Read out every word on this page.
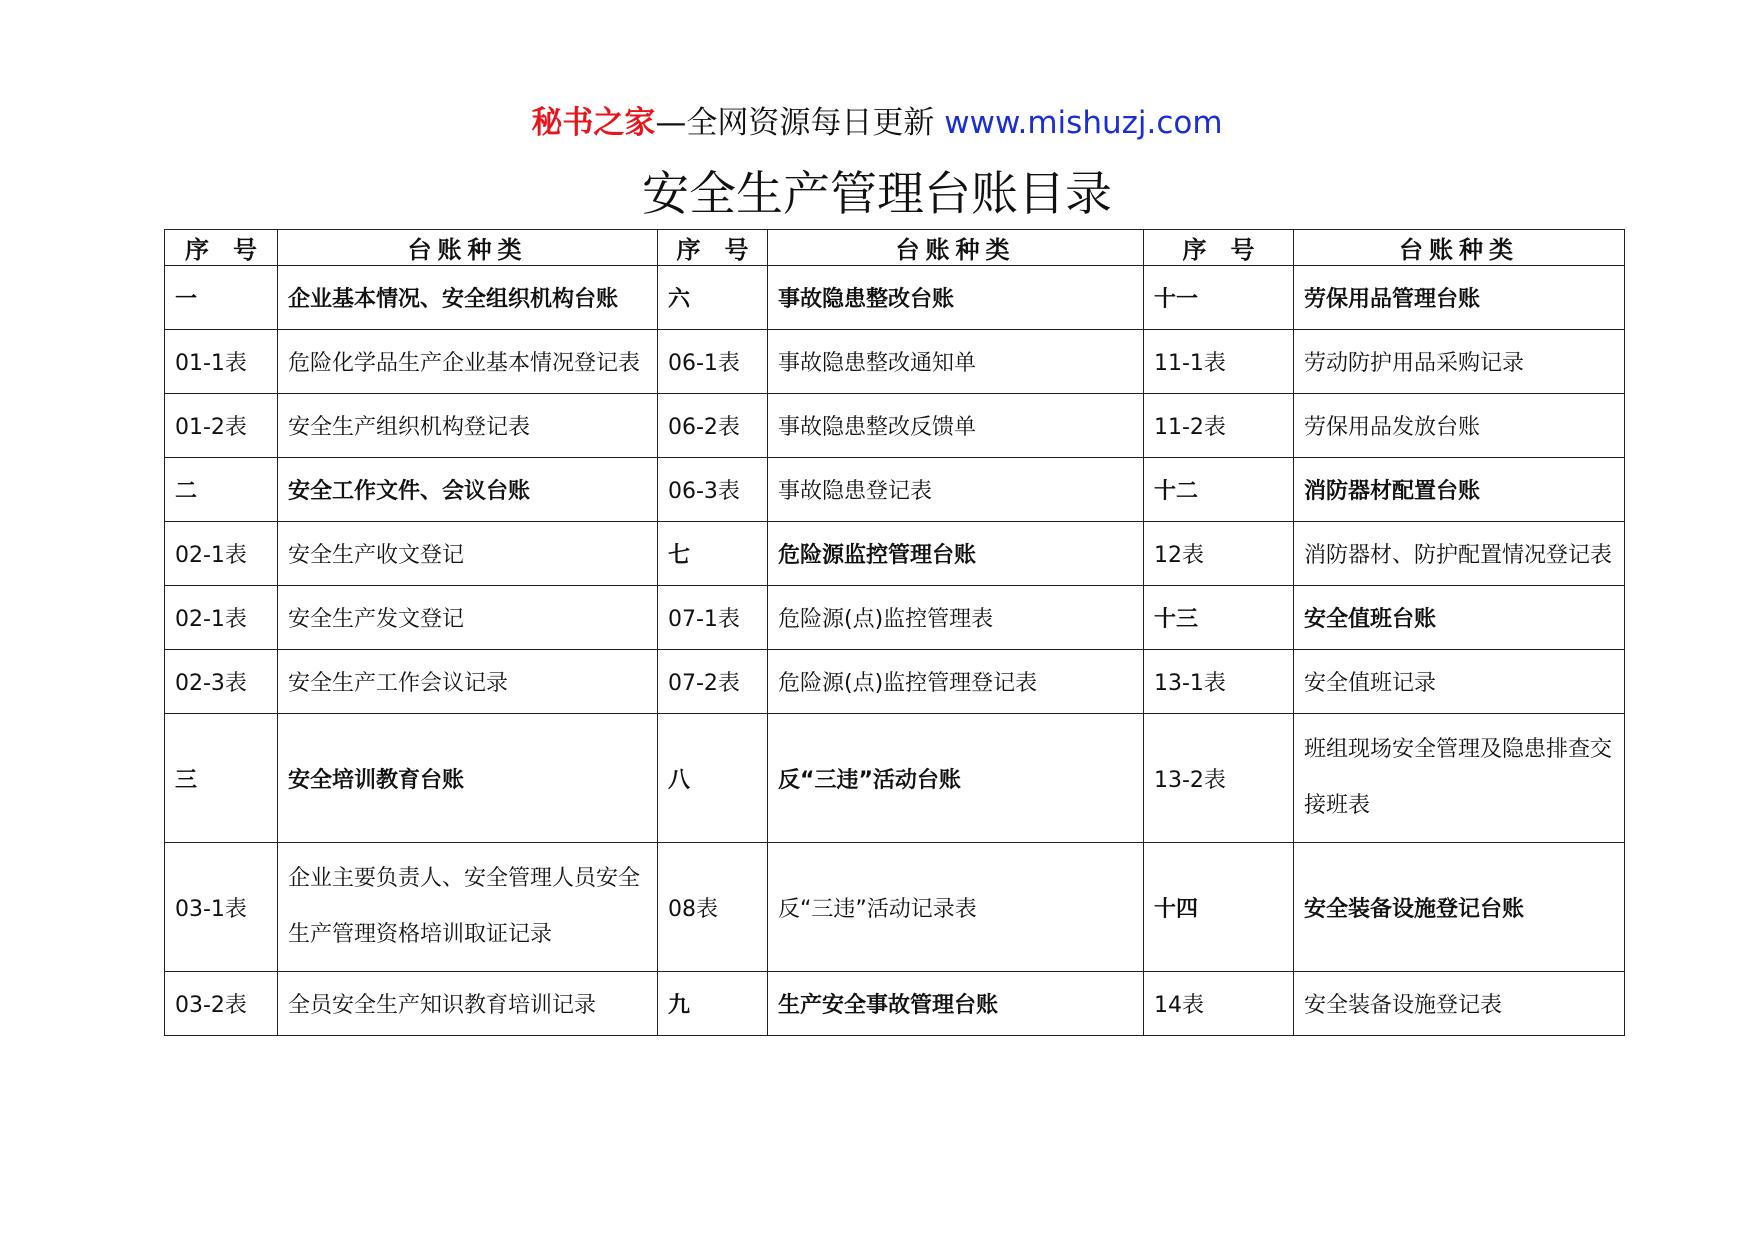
秘书之家—全网资源每日更新 www.mishuzj.com
安全生产管理台账目录
序　号	台账种类	序　号	台账种类	序　号	台账种类
一	企业基本情况、安全组织机构台账	六	事故隐患整改台账	十一	劳保用品管理台账
01-1表	危险化学品生产企业基本情况登记表	06-1表	事故隐患整改通知单	11-1表	劳动防护用品采购记录
01-2表	安全生产组织机构登记表	06-2表	事故隐患整改反馈单	11-2表	劳保用品发放台账
二	安全工作文件、会议台账	06-3表	事故隐患登记表	十二	消防器材配置台账
02-1表	安全生产收文登记	七	危险源监控管理台账	12表	消防器材、防护配置情况登记表
02-1表	安全生产发文登记	07-1表	危险源(点)监控管理表	十三	安全值班台账
02-3表	安全生产工作会议记录	07-2表	危险源(点)监控管理登记表	13-1表	安全值班记录
三	安全培训教育台账	八	反“三违”活动台账	13-2表	班组现场安全管理及隐患排查交接班表
03-1表	企业主要负责人、安全管理人员安全生产管理资格培训取证记录	08表	反“三违”活动记录表	十四	安全装备设施登记台账
03-2表	全员安全生产知识教育培训记录	九	生产安全事故管理台账	14表	安全装备设施登记表
